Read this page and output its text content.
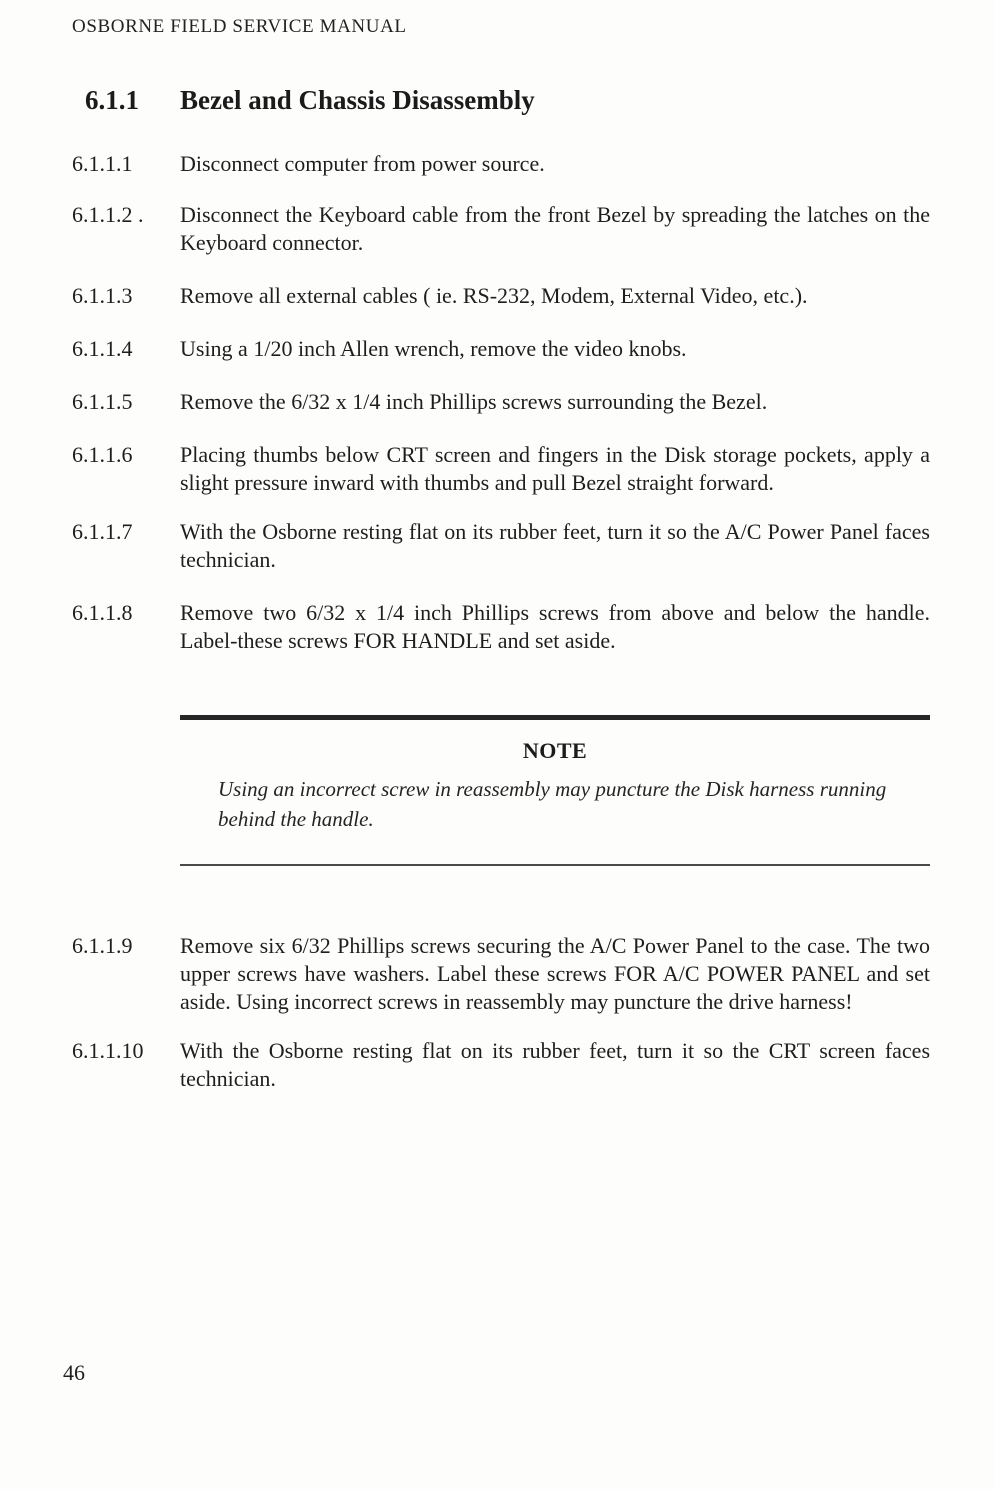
OSBORNE FIELD SERVICE MANUAL
6.1.1	Bezel and Chassis Disassembly
6.1.1.1	Disconnect computer from power source.
6.1.1.2 .	Disconnect the Keyboard cable from the front Bezel by spreading the latches on the Keyboard connector.
6.1.1.3	Remove all external cables ( ie. RS-232, Modem, External Video, etc.).
6.1.1.4	Using a 1/20 inch Allen wrench, remove the video knobs.
6.1.1.5	Remove the 6/32 x 1/4 inch Phillips screws surrounding the Bezel.
6.1.1.6	Placing thumbs below CRT screen and fingers in the Disk storage pockets, apply a slight pressure inward with thumbs and pull Bezel straight forward.
6.1.1.7	With the Osborne resting flat on its rubber feet, turn it so the A/C Power Panel faces technician.
6.1.1.8	Remove two 6/32 x 1/4 inch Phillips screws from above and below the handle. Label-these screws FOR HANDLE and set aside.
NOTE
Using an incorrect screw in reassembly may puncture the Disk harness running behind the handle.
6.1.1.9	Remove six 6/32 Phillips screws securing the A/C Power Panel to the case. The two upper screws have washers. Label these screws FOR A/C POWER PANEL and set aside. Using incorrect screws in reassembly may puncture the drive harness!
6.1.1.10	With the Osborne resting flat on its rubber feet, turn it so the CRT screen faces technician.
46
